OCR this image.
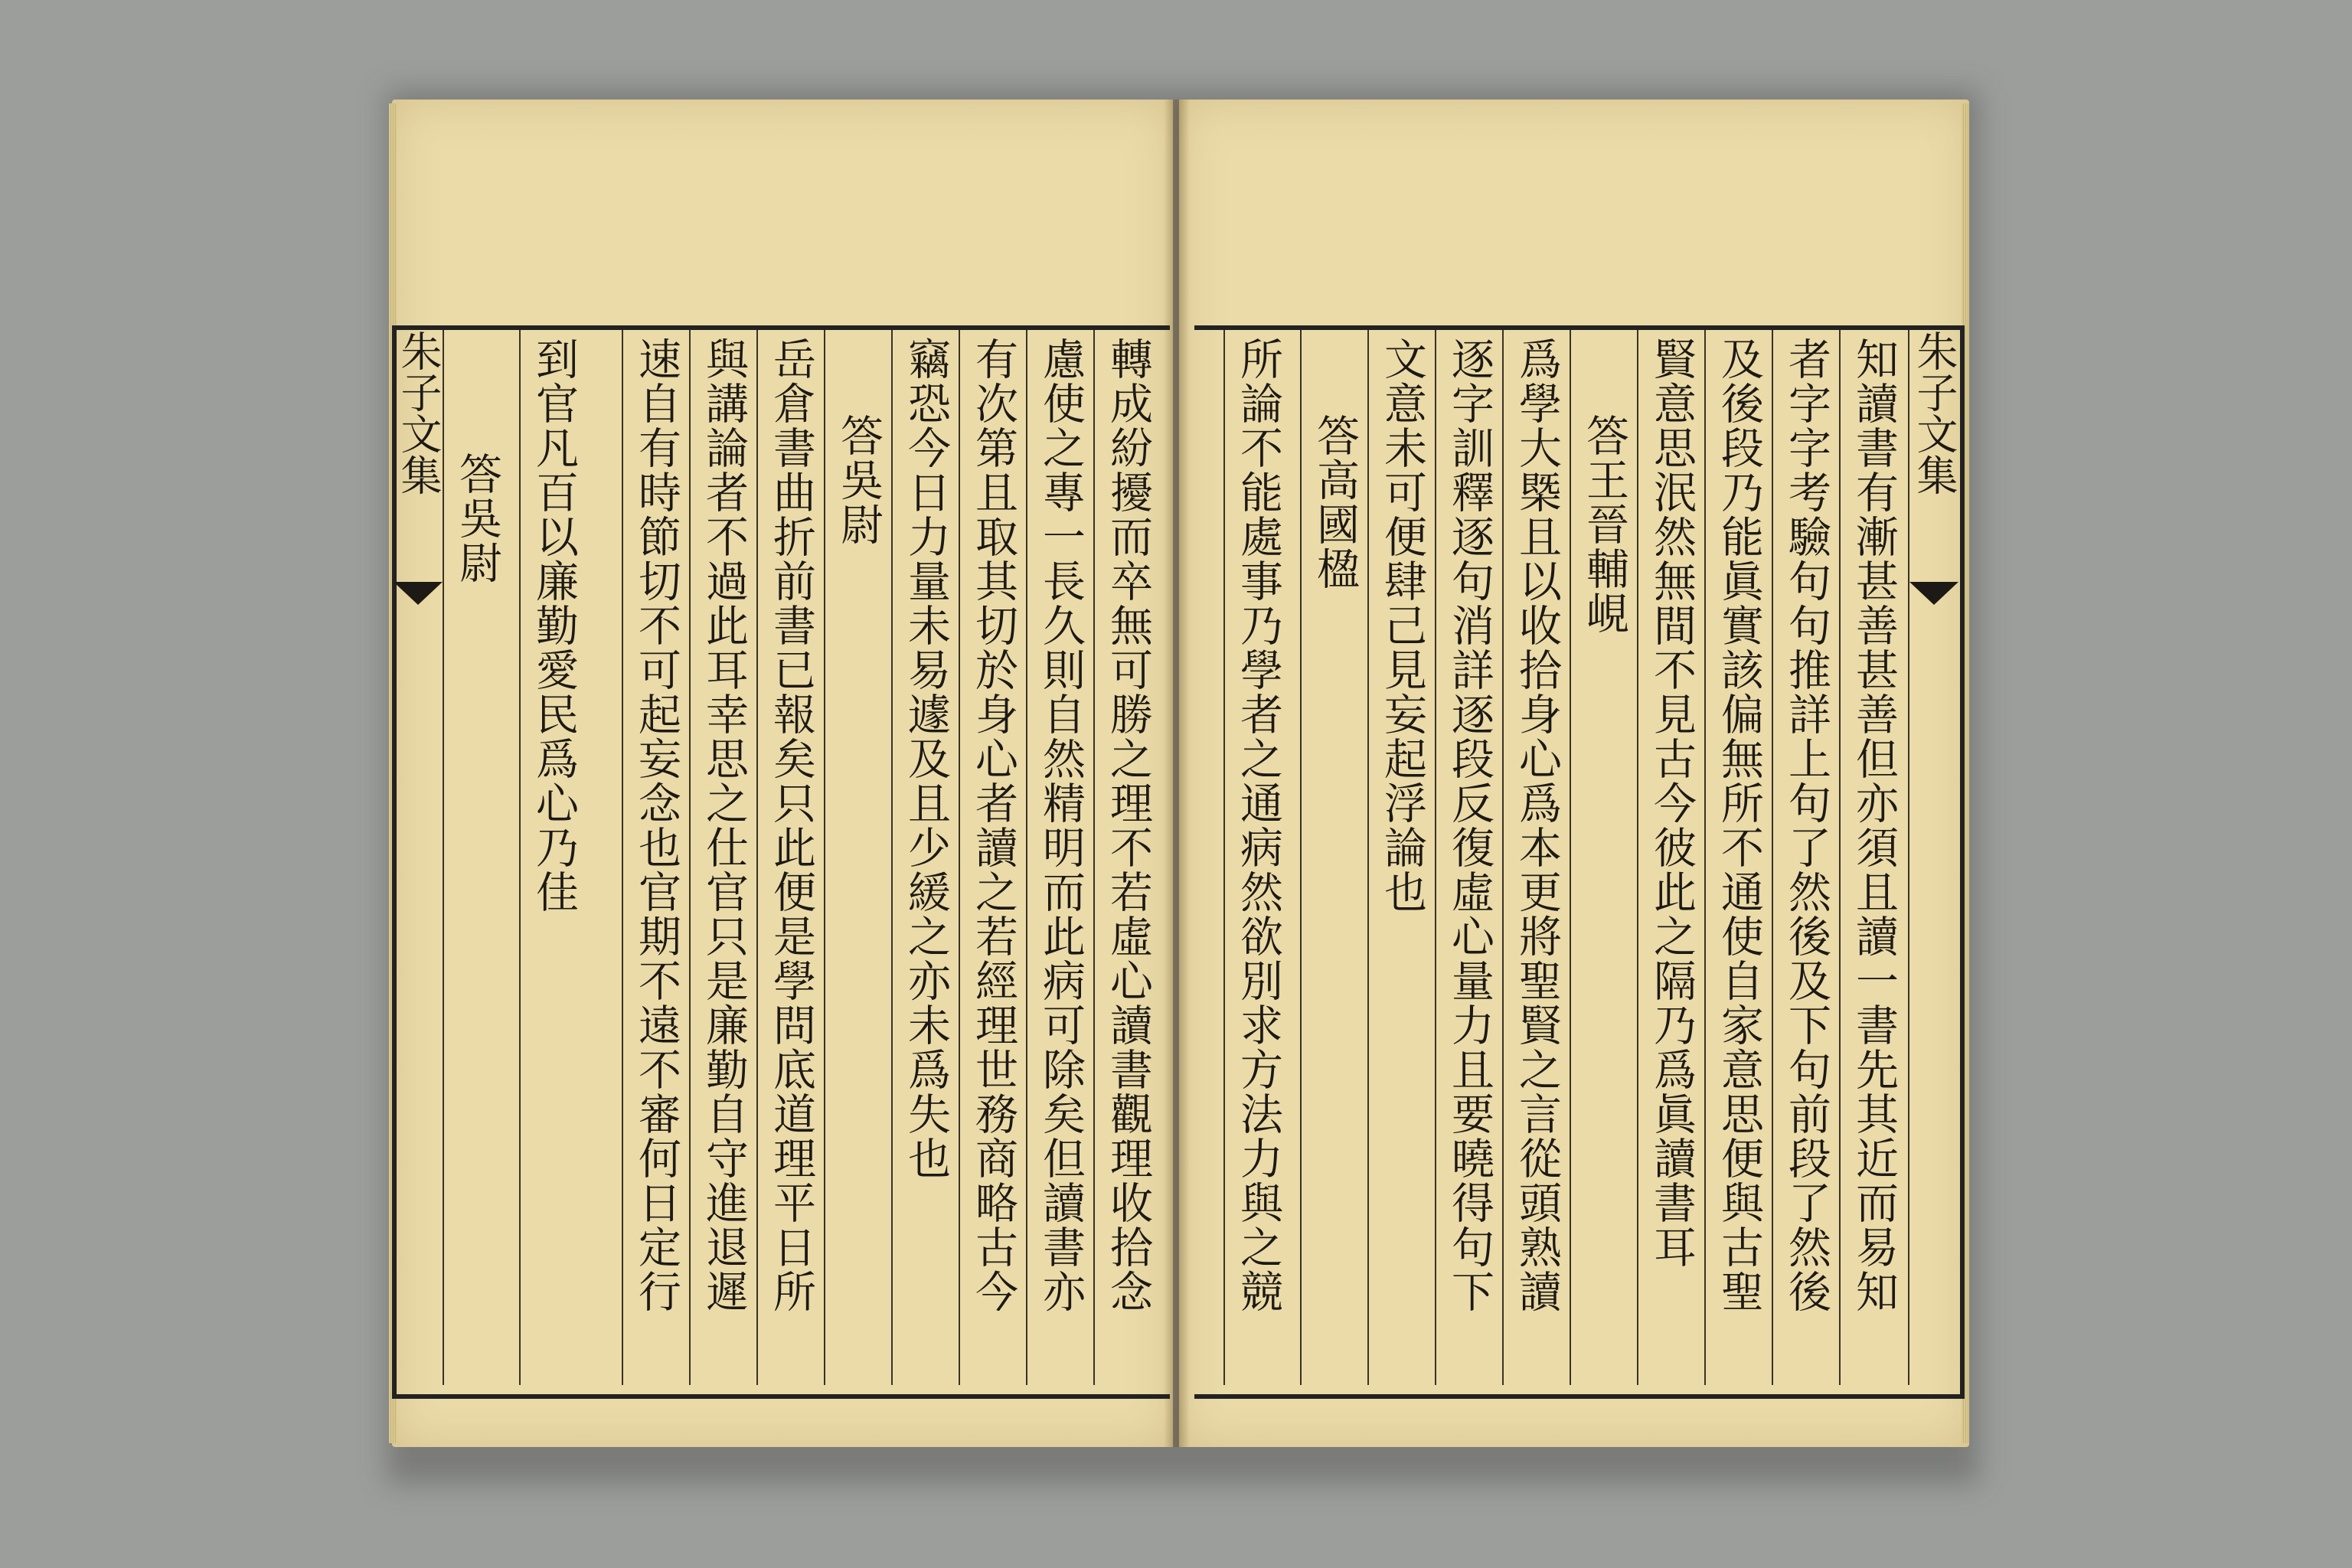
朱子文集
知讀書有漸甚善甚善但亦須且讀一書先其近而易知
者字字考驗句句推詳上句了然後及下句前段了然後
及後段乃能眞實該偏無所不通使自家意思便與古聖
賢意思泯然無間不見古今彼此之隔乃爲眞讀書耳
答王晉輔峴
爲學大槩且以收拾身心爲本更將聖賢之言從頭熟讀
逐字訓釋逐句消詳逐段反復虛心量力且要曉得句下
文意未可便肆己見妄起浮論也
答高國楹
所論不能處事乃學者之通病然欲別求方法力與之競
轉成紛擾而卒無可勝之理不若虛心讀書觀理收拾念
慮使之專一長久則自然精明而此病可除矣但讀書亦
有次第且取其切於身心者讀之若經理世務商略古今
竊恐今日力量未易遽及且少緩之亦未爲失也
答吳尉
岳倉書曲折前書已報矣只此便是學問底道理平日所
與講論者不過此耳幸思之仕官只是廉勤自守進退遲
速自有時節切不可起妄念也官期不遠不審何日定行
到官凡百以廉勤愛民爲心乃佳
答吳尉
朱子文集
